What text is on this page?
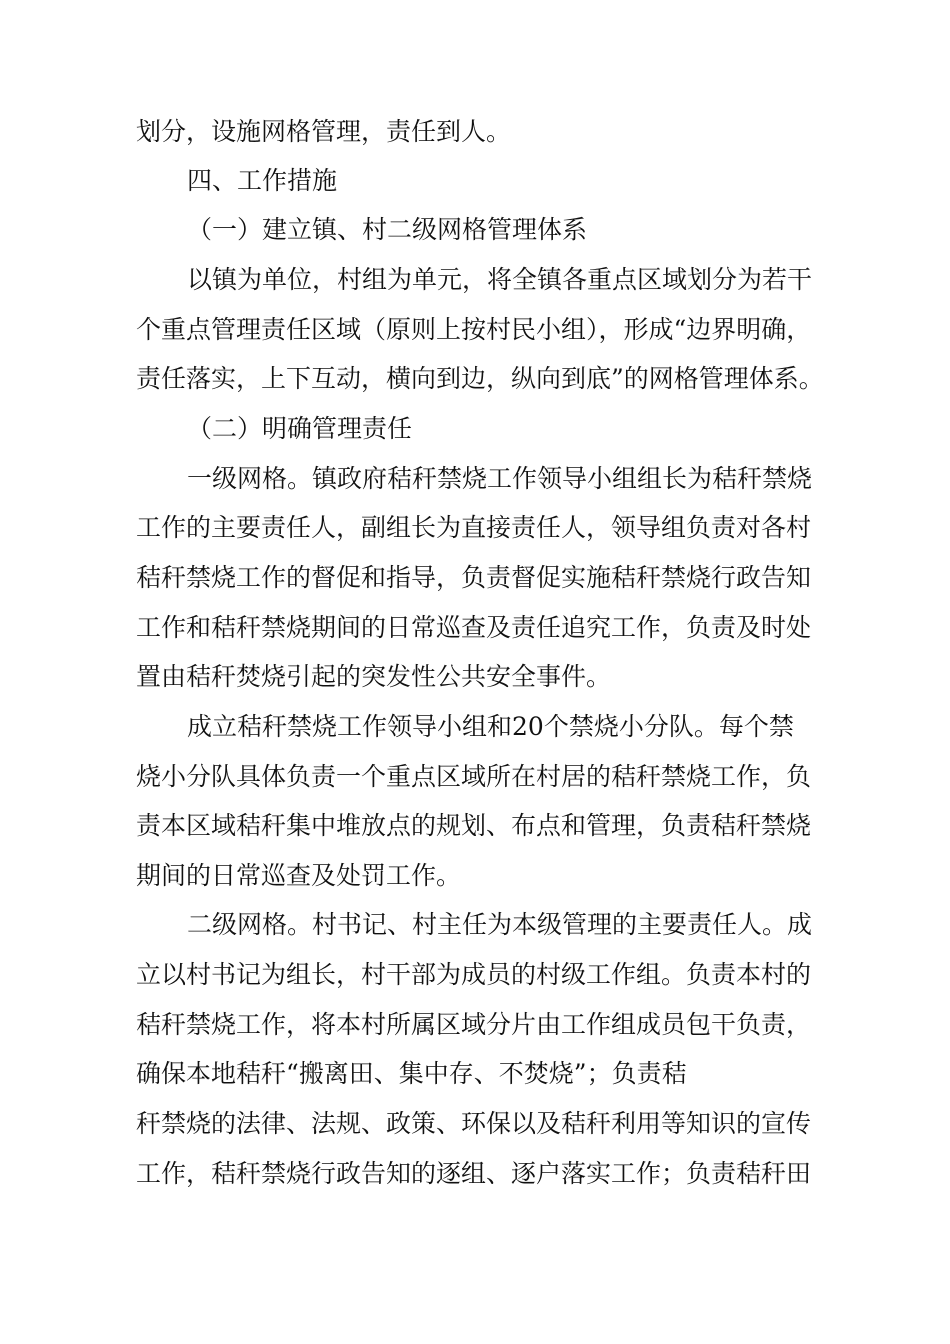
划分，设施网格管理，责任到人。
四、工作措施
（一）建立镇、村二级网格管理体系
以镇为单位，村组为单元，将全镇各重点区域划分为若干
个重点管理责任区域（原则上按村民小组），形成“边界明确，
责任落实，上下互动，横向到边，纵向到底”的网格管理体系。
（二）明确管理责任
一级网格。镇政府秸秆禁烧工作领导小组组长为秸秆禁烧
工作的主要责任人，副组长为直接责任人，领导组负责对各村
秸秆禁烧工作的督促和指导，负责督促实施秸秆禁烧行政告知
工作和秸秆禁烧期间的日常巡查及责任追究工作，负责及时处
置由秸秆焚烧引起的突发性公共安全事件。
成立秸秆禁烧工作领导小组和20个禁烧小分队。每个禁
烧小分队具体负责一个重点区域所在村居的秸秆禁烧工作，负
责本区域秸秆集中堆放点的规划、布点和管理，负责秸秆禁烧
期间的日常巡查及处罚工作。
二级网格。村书记、村主任为本级管理的主要责任人。成
立以村书记为组长，村干部为成员的村级工作组。负责本村的
秸秆禁烧工作，将本村所属区域分片由工作组成员包干负责，
确保本地秸秆“搬离田、集中存、不焚烧”；负责秸
秆禁烧的法律、法规、政策、环保以及秸秆利用等知识的宣传
工作，秸秆禁烧行政告知的逐组、逐户落实工作；负责秸秆田
